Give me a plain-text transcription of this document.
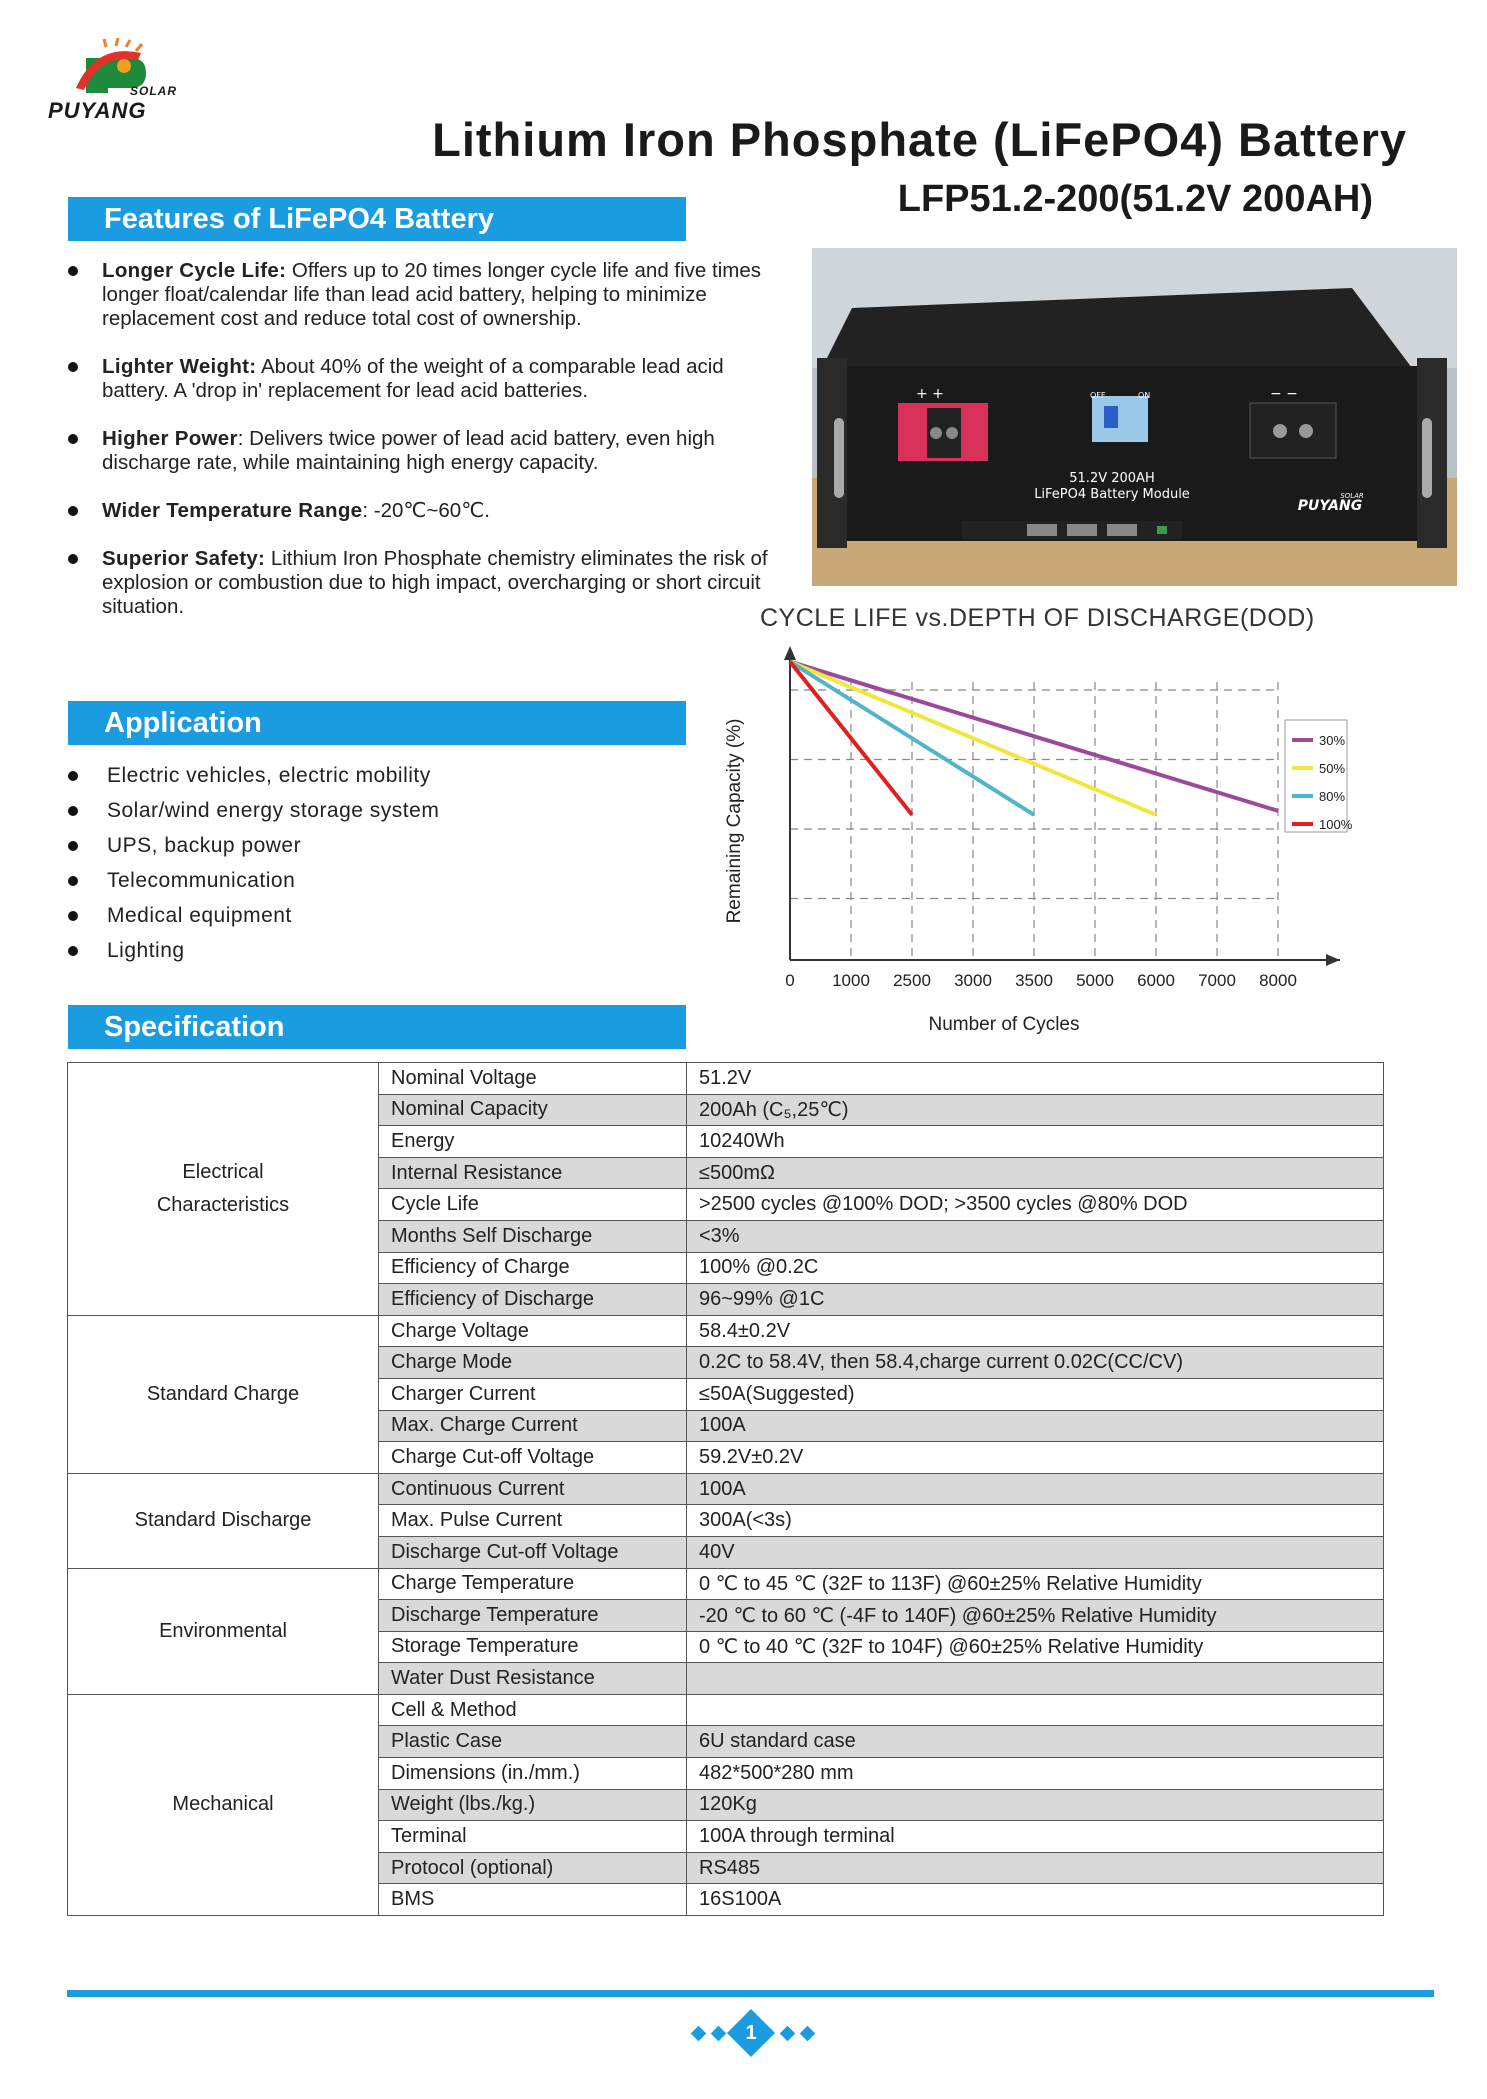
SOLAR
PUYANG
Lithium Iron Phosphate (LiFePO4) Battery
LFP51.2-200(51.2V 200AH)
Features of LiFePO4 Battery
Longer Cycle Life: Offers up to 20 times longer cycle life and five times longer float/calendar life than lead acid battery, helping to minimize replacement cost and reduce total cost of ownership.
Lighter Weight: About 40% of the weight of a comparable lead acid battery. A 'drop in' replacement for lead acid batteries.
Higher Power: Delivers twice power of lead acid battery, even high discharge rate, while maintaining high energy capacity.
Wider Temperature Range: -20℃~60℃.
Superior Safety: Lithium Iron Phosphate chemistry eliminates the risk of explosion or combustion due to high impact, overcharging or short circuit situation.
+ +	− −
OFF	ON
51.2V 200AH
LiFePO4 Battery Module
PUYANG
SOLAR
CYCLE LIFE vs.DEPTH OF DISCHARGE(DOD)
0 1000 2500 3000 3500 5000 6000 7000 8000
Number of Cycles
Remaining Capacity (%)	30%
50%
80%
100%
Application
Electric vehicles, electric mobility
Solar/wind energy storage system
UPS, backup power
Telecommunication
Medical equipment
Lighting
Specification
Electrical
Characteristics	Nominal Voltage	51.2V
	Nominal Capacity	200Ah (C₅,25℃)
	Energy	10240Wh
	Internal Resistance	≤500mΩ
	Cycle Life	>2500 cycles @100% DOD; >3500 cycles @80% DOD
	Months Self Discharge	<3%
	Efficiency of Charge	100% @0.2C
	Efficiency of Discharge	96~99% @1C
Standard Charge	Charge Voltage	58.4±0.2V
	Charge Mode	0.2C to 58.4V, then 58.4,charge current 0.02C(CC/CV)
	Charger Current	≤50A(Suggested)
	Max. Charge Current	100A
	Charge Cut-off Voltage	59.2V±0.2V
Standard Discharge	Continuous Current	100A
	Max. Pulse Current	300A(<3s)
	Discharge Cut-off Voltage	40V
Environmental	Charge Temperature	0 ℃ to 45 ℃ (32F to 113F) @60±25% Relative Humidity
	Discharge Temperature	-20 ℃ to 60 ℃ (-4F to 140F) @60±25% Relative Humidity
	Storage Temperature	0 ℃ to 40 ℃ (32F to 104F) @60±25% Relative Humidity
	Water Dust Resistance	
Mechanical	Cell & Method	
	Plastic Case	6U standard case
	Dimensions (in./mm.)	482*500*280 mm
	Weight (lbs./kg.)	120Kg
	Terminal	100A through terminal
	Protocol (optional)	RS485
	BMS	16S100A
1
